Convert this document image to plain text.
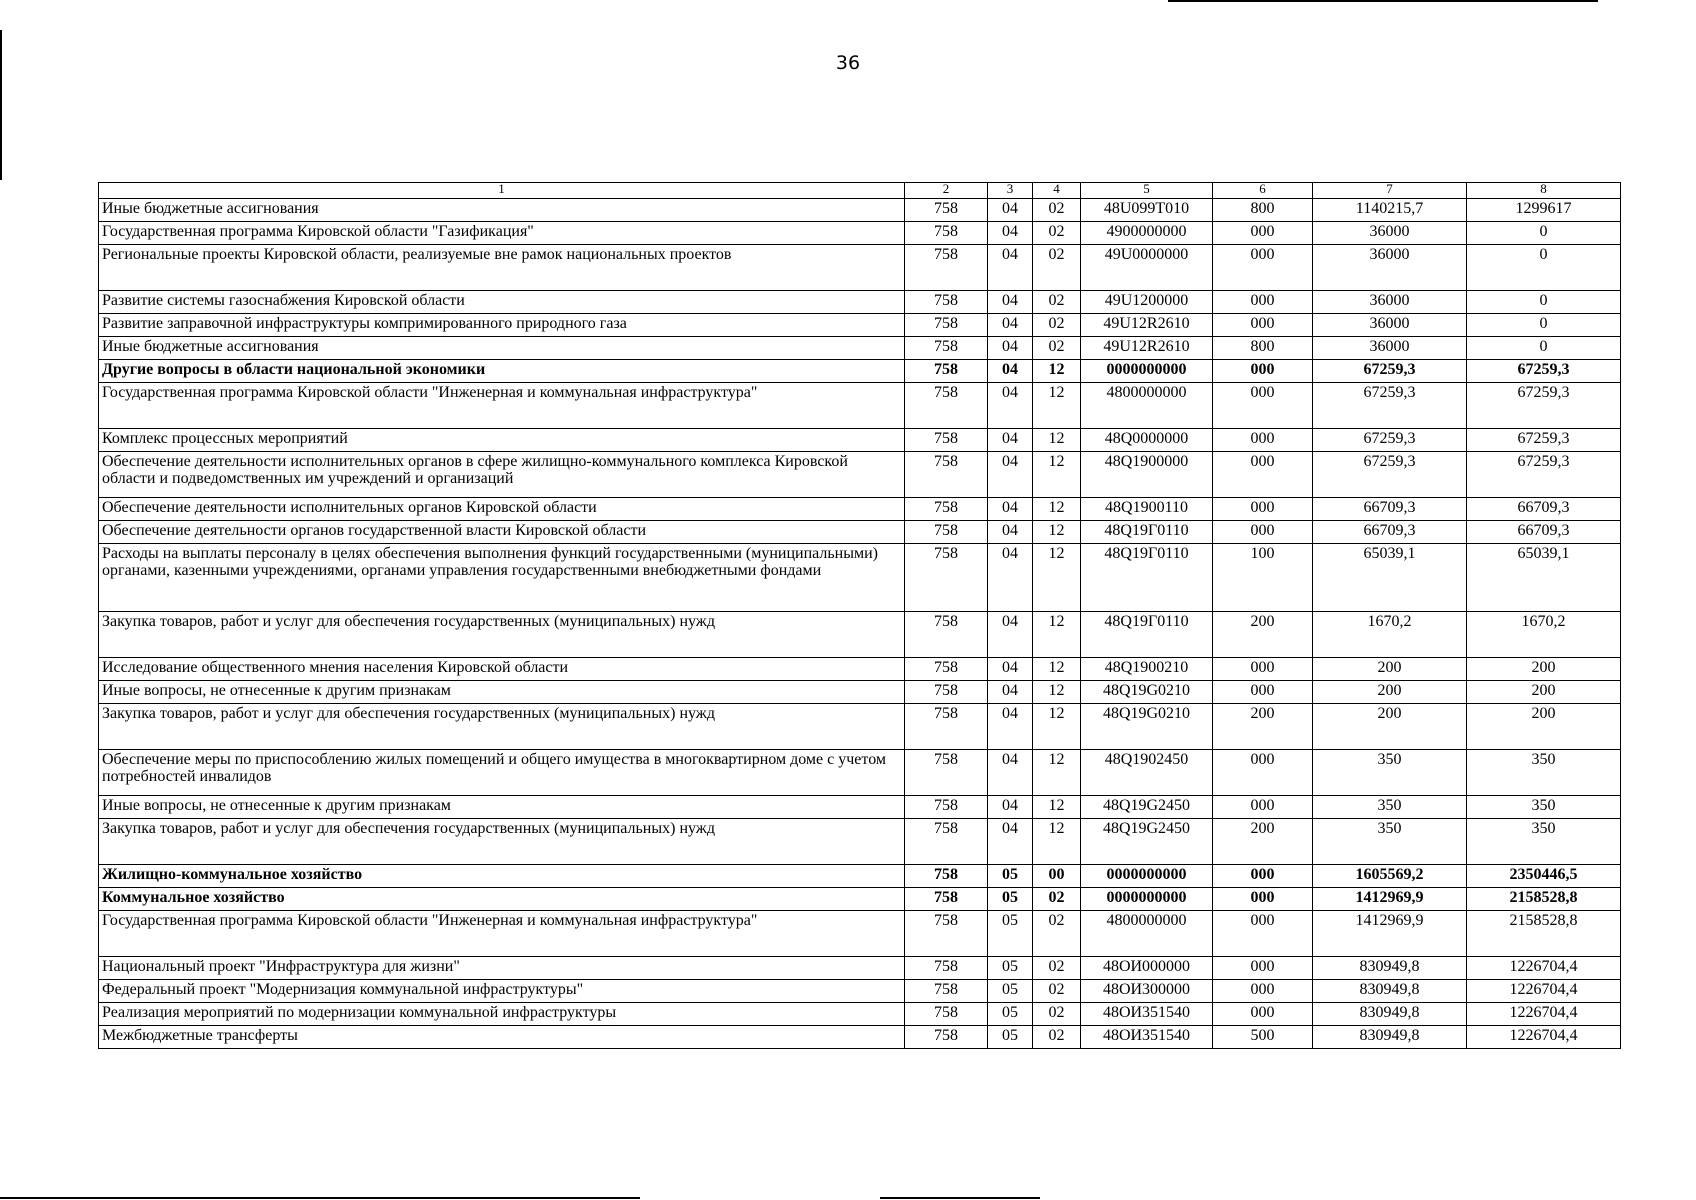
36
1	2	3	4	5	6	7	8
Иные бюджетные ассигнования	758	04	02	48U099T010	800	1140215,7	1299617
Государственная программа Кировской области "Газификация"	758	04	02	4900000000	000	36000	0
Региональные проекты Кировской области, реализуемые вне рамок национальных проектов	758	04	02	49U0000000	000	36000	0
Развитие системы газоснабжения Кировской области	758	04	02	49U1200000	000	36000	0
Развитие заправочной инфраструктуры компримированного природного газа	758	04	02	49U12R2610	000	36000	0
Иные бюджетные ассигнования	758	04	02	49U12R2610	800	36000	0
Другие вопросы в области национальной экономики	758	04	12	0000000000	000	67259,3	67259,3
Государственная программа Кировской области "Инженерная и коммунальная инфраструктура"	758	04	12	4800000000	000	67259,3	67259,3
Комплекс процессных мероприятий	758	04	12	48Q0000000	000	67259,3	67259,3
Обеспечение деятельности исполнительных органов в сфере жилищно-коммунального комплекса Кировской области и подведомственных им учреждений и организаций	758	04	12	48Q1900000	000	67259,3	67259,3
Обеспечение деятельности исполнительных органов Кировской области	758	04	12	48Q1900110	000	66709,3	66709,3
Обеспечение деятельности органов государственной власти Кировской области	758	04	12	48Q19Г0110	000	66709,3	66709,3
Расходы на выплаты персоналу в целях обеспечения выполнения функций государственными (муниципальными) органами, казенными учреждениями, органами управления государственными внебюджетными фондами	758	04	12	48Q19Г0110	100	65039,1	65039,1
Закупка товаров, работ и услуг для обеспечения государственных (муниципальных) нужд	758	04	12	48Q19Г0110	200	1670,2	1670,2
Исследование общественного мнения населения Кировской области	758	04	12	48Q1900210	000	200	200
Иные вопросы, не отнесенные к другим признакам	758	04	12	48Q19G0210	000	200	200
Закупка товаров, работ и услуг для обеспечения государственных (муниципальных) нужд	758	04	12	48Q19G0210	200	200	200
Обеспечение меры по приспособлению жилых помещений и общего имущества в многоквартирном доме с учетом потребностей инвалидов	758	04	12	48Q1902450	000	350	350
Иные вопросы, не отнесенные к другим признакам	758	04	12	48Q19G2450	000	350	350
Закупка товаров, работ и услуг для обеспечения государственных (муниципальных) нужд	758	04	12	48Q19G2450	200	350	350
Жилищно-коммунальное хозяйство	758	05	00	0000000000	000	1605569,2	2350446,5
Коммунальное хозяйство	758	05	02	0000000000	000	1412969,9	2158528,8
Государственная программа Кировской области "Инженерная и коммунальная инфраструктура"	758	05	02	4800000000	000	1412969,9	2158528,8
Национальный проект "Инфраструктура для жизни"	758	05	02	48ОИ000000	000	830949,8	1226704,4
Федеральный проект "Модернизация коммунальной инфраструктуры"	758	05	02	48ОИ300000	000	830949,8	1226704,4
Реализация мероприятий по модернизации коммунальной инфраструктуры	758	05	02	48ОИ351540	000	830949,8	1226704,4
Межбюджетные трансферты	758	05	02	48ОИ351540	500	830949,8	1226704,4
